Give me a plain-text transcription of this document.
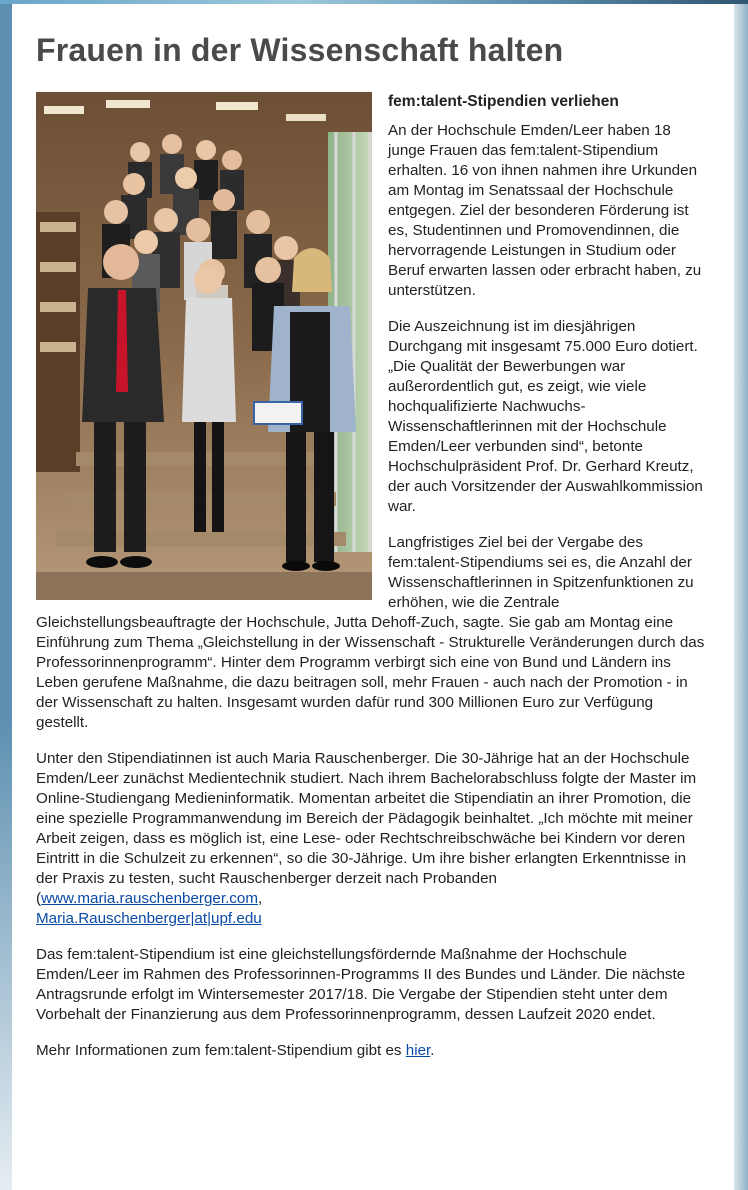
Frauen in der Wissenschaft halten
fem:talent-Stipendien verliehen

An der Hochschule Emden/Leer haben 18 junge Frauen das fem:talent-Stipendium erhalten. 16 von ihnen nahmen ihre Urkunden am Montag im Senatssaal der Hochschule entgegen. Ziel der besonderen Förderung ist es, Studentinnen und Promovendinnen, die hervorragende Leistungen in Studium oder Beruf erwarten lassen oder erbracht haben, zu unterstützen.

Die Auszeichnung ist im diesjährigen Durchgang mit insgesamt 75.000 Euro dotiert. „Die Qualität der Bewerbungen war außerordentlich gut, es zeigt, wie viele hochqualifizierte Nachwuchs-Wissenschaftlerinnen mit der Hochschule Emden/Leer verbunden sind“, betonte Hochschulpräsident Prof. Dr. Gerhard Kreutz, der auch Vorsitzender der Auswahlkommission war.

Langfristiges Ziel bei der Vergabe des fem:talent-Stipendiums sei es, die Anzahl der Wissenschaftlerinnen in Spitzenfunktionen zu erhöhen, wie die Zentrale Gleichstellungsbeauftragte der Hochschule, Jutta Dehoff-Zuch, sagte. Sie gab am Montag eine Einführung zum Thema „Gleichstellung in der Wissenschaft - Strukturelle Veränderungen durch das Professorinnenprogramm“. Hinter dem Programm verbirgt sich eine von Bund und Ländern ins Leben gerufene Maßnahme, die dazu beitragen soll, mehr Frauen - auch nach der Promotion - in der Wissenschaft zu halten. Insgesamt wurden dafür rund 300 Millionen Euro zur Verfügung gestellt.

Unter den Stipendiatinnen ist auch Maria Rauschenberger. Die 30-Jährige hat an der Hochschule Emden/Leer zunächst Medientechnik studiert. Nach ihrem Bachelorabschluss folgte der Master im Online-Studiengang Medieninformatik. Momentan arbeitet die Stipendiatin an ihrer Promotion, die eine spezielle Programmanwendung im Bereich der Pädagogik beinhaltet. „Ich möchte mit meiner Arbeit zeigen, dass es möglich ist, eine Lese- oder Rechtschreibschwäche bei Kindern vor deren Eintritt in die Schulzeit zu erkennen“, so die 30-Jährige. Um ihre bisher erlangten Erkenntnisse in der Praxis zu testen, sucht Rauschenberger derzeit nach Probanden (www.maria.rauschenberger.com,
Maria.Rauschenberger|at|upf.edu

Das fem:talent-Stipendium ist eine gleichstellungsfördernde Maßnahme der Hochschule Emden/Leer im Rahmen des Professorinnen-Programms II des Bundes und Länder. Die nächste Antragsrunde erfolgt im Wintersemester 2017/18. Die Vergabe der Stipendien steht unter dem Vorbehalt der Finanzierung aus dem Professorinnenprogramm, dessen Laufzeit 2020 endet.

Mehr Informationen zum fem:talent-Stipendium gibt es hier.
